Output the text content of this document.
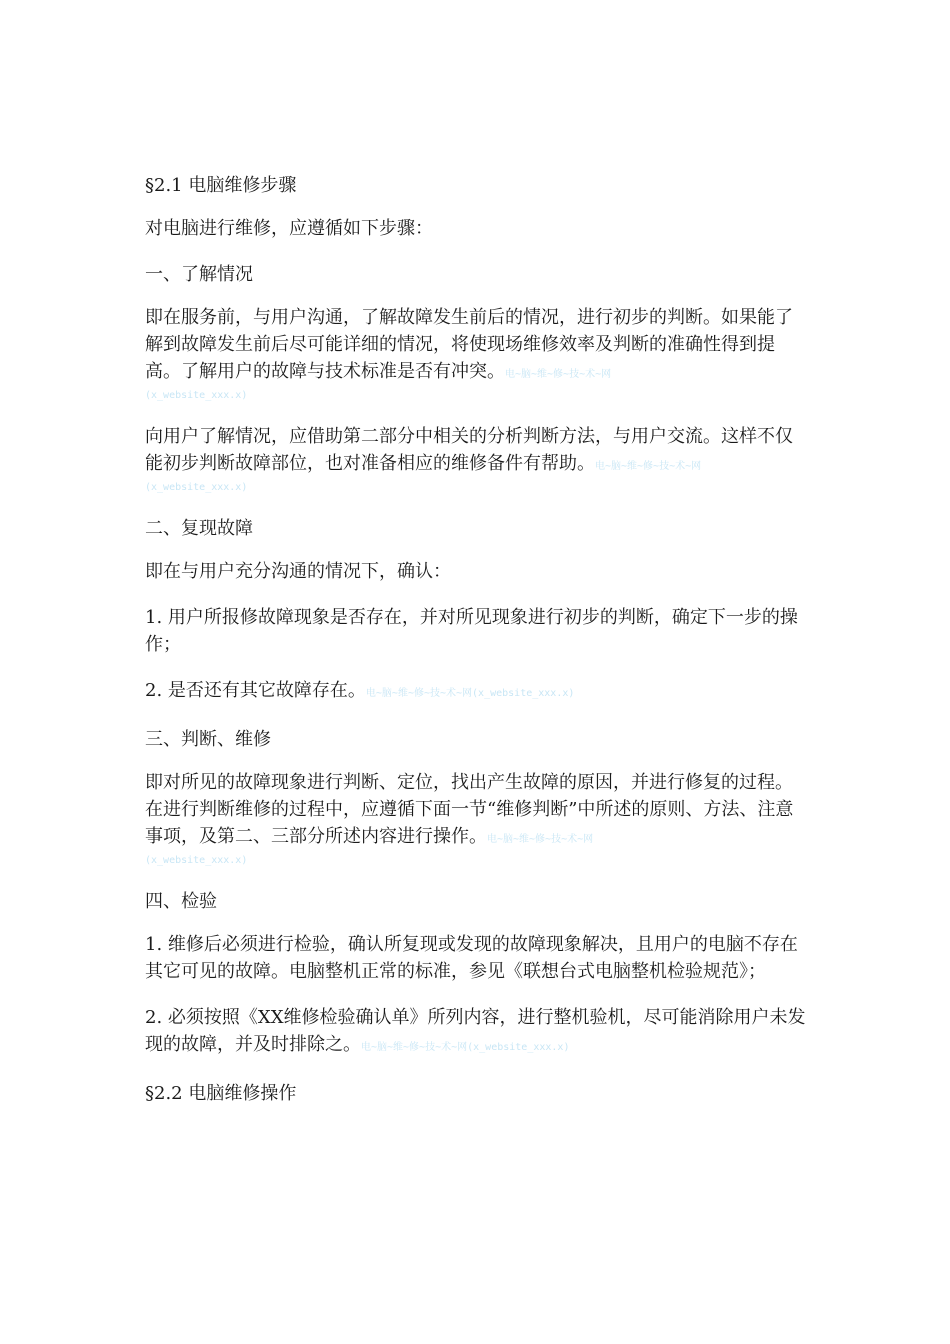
§2.1 电脑维修步骤

对电脑进行维修，应遵循如下步骤：

一、了解情况

即在服务前，与用户沟通，了解故障发生前后的情况，进行初步的判断。如果能了解到故障发生前后尽可能详细的情况，将使现场维修效率及判断的准确性得到提高。了解用户的故障与技术标准是否有冲突。电~脑~维~修~技~术~网
(x_website_xxx.x)

向用户了解情况，应借助第二部分中相关的分析判断方法，与用户交流。这样不仅能初步判断故障部位，也对准备相应的维修备件有帮助。电~脑~维~修~技~术~网
(x_website_xxx.x)

二、复现故障

即在与用户充分沟通的情况下，确认：

1. 用户所报修故障现象是否存在，并对所见现象进行初步的判断，确定下一步的操作；

2. 是否还有其它故障存在。电~脑~维~修~技~术~网(x_website_xxx.x)

三、判断、维修

即对所见的故障现象进行判断、定位，找出产生故障的原因，并进行修复的过程。在进行判断维修的过程中，应遵循下面一节“维修判断”中所述的原则、方法、注意事项，及第二、三部分所述内容进行操作。电~脑~维~修~技~术~网
(x_website_xxx.x)

四、检验

1. 维修后必须进行检验，确认所复现或发现的故障现象解决，且用户的电脑不存在其它可见的故障。电脑整机正常的标准，参见《联想台式电脑整机检验规范》；

2. 必须按照《XX维修检验确认单》所列内容，进行整机验机，尽可能消除用户未发现的故障，并及时排除之。电~脑~维~修~技~术~网(x_website_xxx.x)

§2.2 电脑维修操作
